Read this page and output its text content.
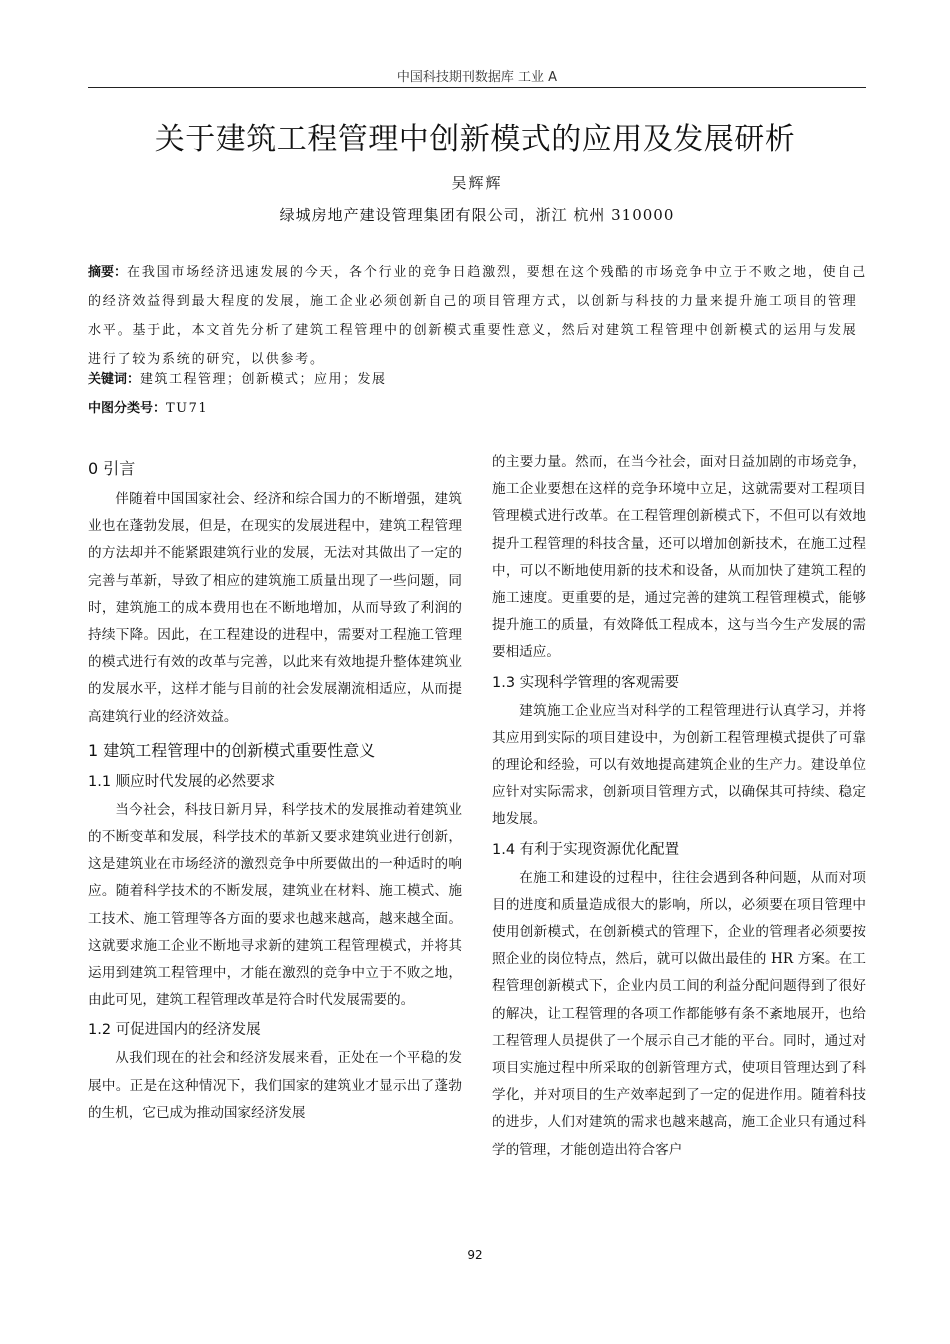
中国科技期刊数据库 工业 A
关于建筑工程管理中创新模式的应用及发展研析
吴辉辉
绿城房地产建设管理集团有限公司，浙江 杭州 310000

摘要：在我国市场经济迅速发展的今天，各个行业的竞争日趋激烈，要想在这个残酷的市场竞争中立于不败之地，使自己的经济效益得到最大程度的发展，施工企业必须创新自己的项目管理方式，以创新与科技的力量来提升施工项目的管理水平。基于此，本文首先分析了建筑工程管理中的创新模式重要性意义，然后对建筑工程管理中创新模式的运用与发展进行了较为系统的研究，以供参考。

关键词：建筑工程管理；创新模式；应用；发展
中图分类号：TU71
0 引言

伴随着中国国家社会、经济和综合国力的不断增强，建筑业也在蓬勃发展，但是，在现实的发展进程中，建筑工程管理的方法却并不能紧跟建筑行业的发展，无法对其做出了一定的完善与革新，导致了相应的建筑施工质量出现了一些问题，同时，建筑施工的成本费用也在不断地增加，从而导致了利润的持续下降。因此，在工程建设的进程中，需要对工程施工管理的模式进行有效的改革与完善，以此来有效地提升整体建筑业的发展水平，这样才能与目前的社会发展潮流相适应，从而提高建筑行业的经济效益。

1 建筑工程管理中的创新模式重要性意义
1.1 顺应时代发展的必然要求

当今社会，科技日新月异，科学技术的发展推动着建筑业的不断变革和发展，科学技术的革新又要求建筑业进行创新，这是建筑业在市场经济的激烈竞争中所要做出的一种适时的响应。随着科学技术的不断发展，建筑业在材料、施工模式、施工技术、施工管理等各方面的要求也越来越高，越来越全面。这就要求施工企业不断地寻求新的建筑工程管理模式，并将其运用到建筑工程管理中，才能在激烈的竞争中立于不败之地，由此可见，建筑工程管理改革是符合时代发展需要的。

1.2 可促进国内的经济发展

从我们现在的社会和经济发展来看，正处在一个平稳的发展中。正是在这种情况下，我们国家的建筑业才显示出了蓬勃的生机，它已成为推动国家经济发展

的主要力量。然而，在当今社会，面对日益加剧的市场竞争，施工企业要想在这样的竞争环境中立足，这就需要对工程项目管理模式进行改革。在工程管理创新模式下，不但可以有效地提升工程管理的科技含量，还可以增加创新技术，在施工过程中，可以不断地使用新的技术和设备，从而加快了建筑工程的施工速度。更重要的是，通过完善的建筑工程管理模式，能够提升施工的质量，有效降低工程成本，这与当今生产发展的需要相适应。

1.3 实现科学管理的客观需要

建筑施工企业应当对科学的工程管理进行认真学习，并将其应用到实际的项目建设中，为创新工程管理模式提供了可靠的理论和经验，可以有效地提高建筑企业的生产力。建设单位应针对实际需求，创新项目管理方式，以确保其可持续、稳定地发展。

1.4 有利于实现资源优化配置

在施工和建设的过程中，往往会遇到各种问题，从而对项目的进度和质量造成很大的影响，所以，必须要在项目管理中使用创新模式，在创新模式的管理下，企业的管理者必须要按照企业的岗位特点，然后，就可以做出最佳的 HR 方案。在工程管理创新模式下，企业内员工间的利益分配问题得到了很好的解决，让工程管理的各项工作都能够有条不紊地展开，也给工程管理人员提供了一个展示自己才能的平台。同时，通过对项目实施过程中所采取的创新管理方式，使项目管理达到了科学化，并对项目的生产效率起到了一定的促进作用。随着科技的进步，人们对建筑的需求也越来越高，施工企业只有通过科学的管理，才能创造出符合客户

92
